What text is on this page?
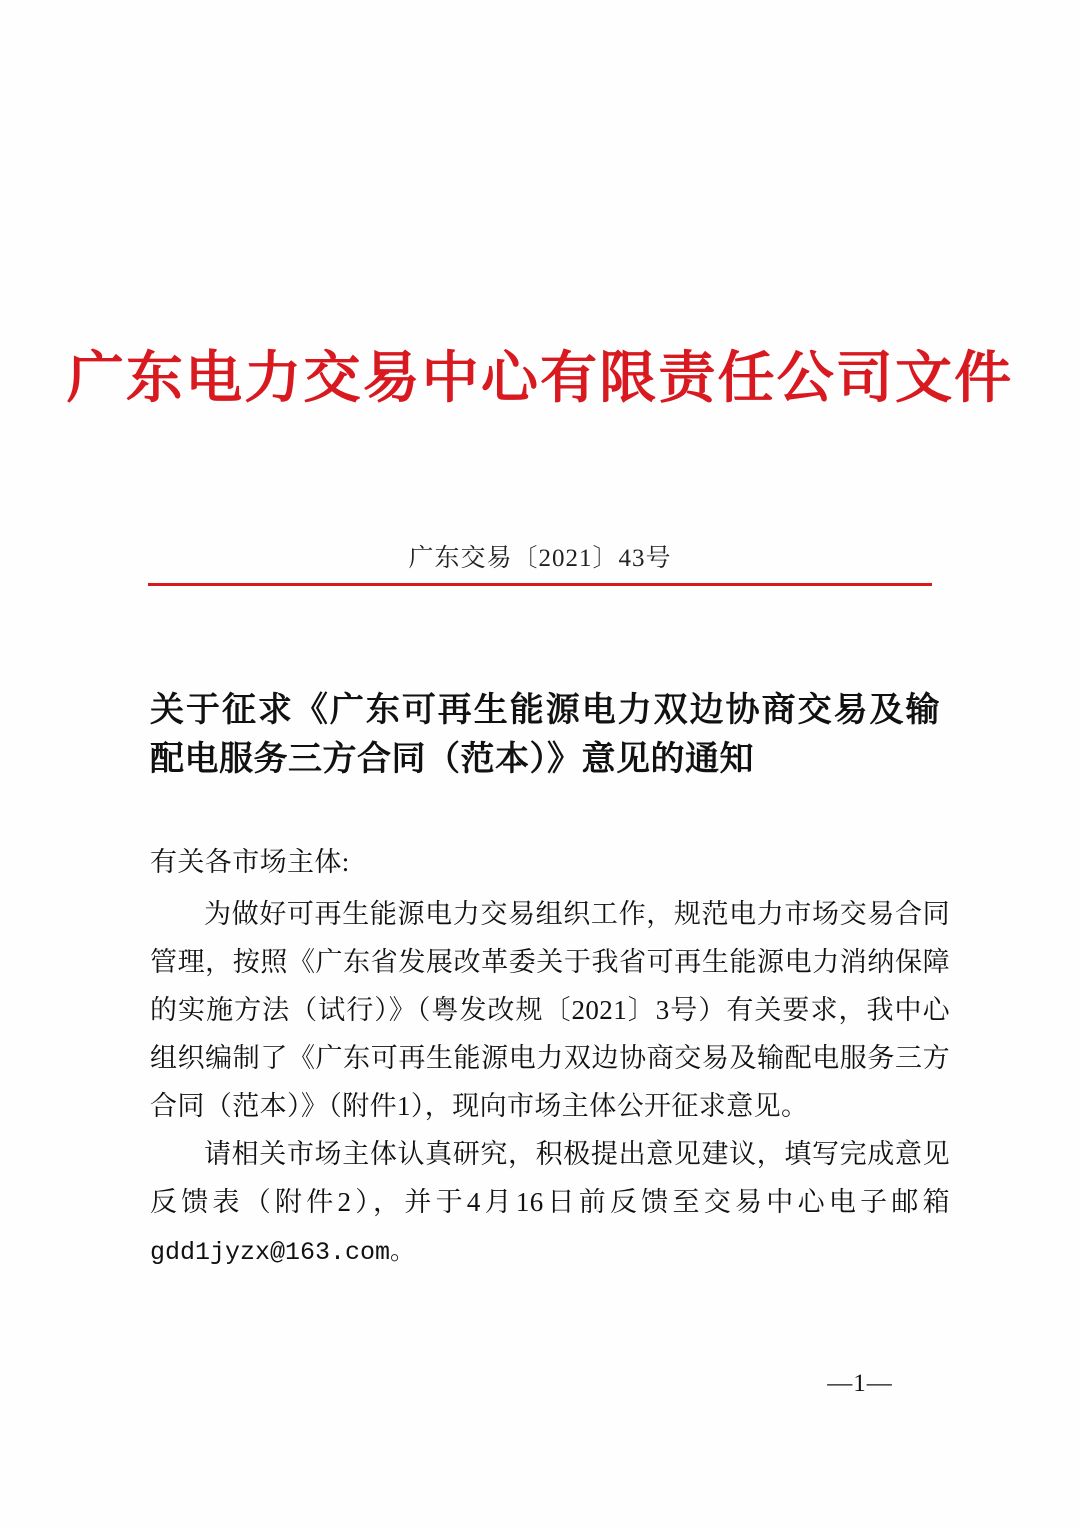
广东电力交易中心有限责任公司文件
广东交易〔2021〕43号
关于征求《广东可再生能源电力双边协商交易及输配电服务三方合同（范本）》意见的通知

有关各市场主体:

为做好可再生能源电力交易组织工作，规范电力市场交易合同管理，按照《广东省发展改革委关于我省可再生能源电力消纳保障的实施方法（试行）》（粤发改规〔2021〕3号）有关要求，我中心组织编制了《广东可再生能源电力双边协商交易及输配电服务三方合同（范本）》（附件1），现向市场主体公开征求意见。

请相关市场主体认真研究，积极提出意见建议，填写完成意见反馈表（附件2），并于4月16日前反馈至交易中心电子邮箱gdd1jyzx@163.com。

—1—
